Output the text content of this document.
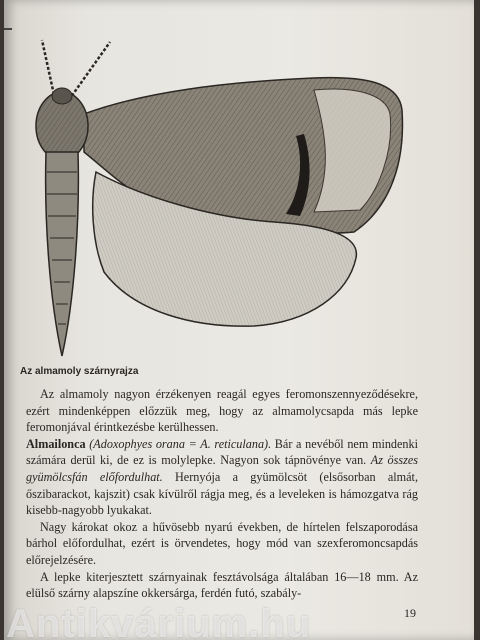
Az almamoly szárnyrajza

Az almamoly nagyon érzékenyen reagál egyes feromonszennyeződésekre, ezért mindenképpen előzzük meg, hogy az almamolycsapda más lepke feromonjával érintkezésbe kerülhessen.

Almailonca (Adoxophyes orana = A. reticulana). Bár a nevéből nem mindenki számára derül ki, de ez is molylepke. Nagyon sok tápnövénye van. Az összes gyümölcsfán előfordulhat. Hernyója a gyümölcsöt (elsősorban almát, őszibarackot, kajszit) csak kívülről rágja meg, és a leveleken is hámozgatva rág kisebb-nagyobb lyukakat.

Nagy károkat okoz a hűvösebb nyarú években, de hírtelen felszaporodása bárhol előfordulhat, ezért is örvendetes, hogy mód van szexferomoncsapdás előrejelzésére.

A lepke kiterjesztett szárnyainak fesztávolsága általában 16—18 mm. Az elülső szárny alapszíne okkersárga, ferdén futó, szabály-

19
Antikvárium.hu
